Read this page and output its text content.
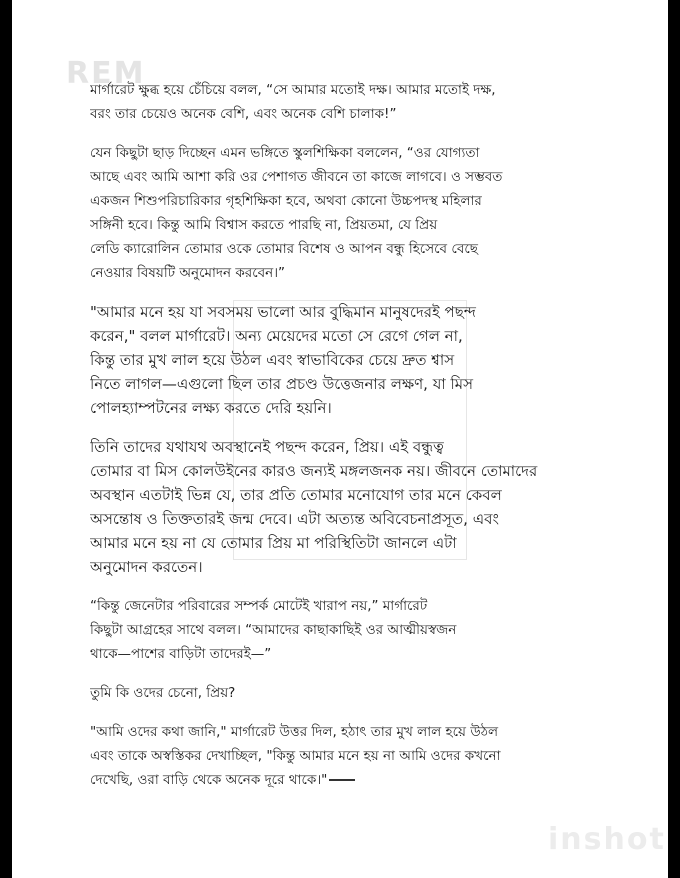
REM
inshot
মার্গারেট ক্ষুব্ধ হয়ে চেঁচিয়ে বলল, “সে আমার মতোই দক্ষ। আমার মতোই দক্ষ,
বরং তার চেয়েও অনেক বেশি, এবং অনেক বেশি চালাক!”
যেন কিছুটা ছাড় দিচ্ছেন এমন ভঙ্গিতে স্কুলশিক্ষিকা বললেন, “ওর যোগ্যতা
আছে এবং আমি আশা করি ওর পেশাগত জীবনে তা কাজে লাগবে। ও সম্ভবত
একজন শিশুপরিচারিকার গৃহশিক্ষিকা হবে, অথবা কোনো উচ্চপদস্থ মহিলার
সঙ্গিনী হবে। কিন্তু আমি বিশ্বাস করতে পারছি না, প্রিয়তমা, যে প্রিয়
লেডি ক্যারোলিন তোমার ওকে তোমার বিশেষ ও আপন বন্ধু হিসেবে বেছে
নেওয়ার বিষয়টি অনুমোদন করবেন।”
"আমার মনে হয় যা সবসময় ভালো আর বুদ্ধিমান মানুষদেরই পছন্দ
করেন," বলল মার্গারেট। অন্য মেয়েদের মতো সে রেগে গেল না,
কিন্তু তার মুখ লাল হয়ে উঠল এবং স্বাভাবিকের চেয়ে দ্রুত শ্বাস
নিতে লাগল—এগুলো ছিল তার প্রচণ্ড উত্তেজনার লক্ষণ, যা মিস
পোলহ্যাম্পটনের লক্ষ্য করতে দেরি হয়নি।
তিনি তাদের যথাযথ অবস্থানেই পছন্দ করেন, প্রিয়। এই বন্ধুত্ব
তোমার বা মিস কোলউইনের কারও জন্যই মঙ্গলজনক নয়। জীবনে তোমাদের
অবস্থান এতটাই ভিন্ন যে, তার প্রতি তোমার মনোযোগ তার মনে কেবল
অসন্তোষ ও তিক্ততারই জন্ম দেবে। এটা অত্যন্ত অবিবেচনাপ্রসূত, এবং
আমার মনে হয় না যে তোমার প্রিয় মা পরিস্থিতিটা জানলে এটা
অনুমোদন করতেন।
“কিন্তু জেনেটার পরিবারের সম্পর্ক মোটেই খারাপ নয়,” মার্গারেট
কিছুটা আগ্রহের সাথে বলল। “আমাদের কাছাকাছিই ওর আত্মীয়স্বজন
থাকে—পাশের বাড়িটা তাদেরই—”
তুমি কি ওদের চেনো, প্রিয়?
"আমি ওদের কথা জানি," মার্গারেট উত্তর দিল, হঠাৎ তার মুখ লাল হয়ে উঠল
এবং তাকে অস্বস্তিকর দেখাচ্ছিল, "কিন্তু আমার মনে হয় না আমি ওদের কখনো
দেখেছি, ওরা বাড়ি থেকে অনেক দূরে থাকে।"
